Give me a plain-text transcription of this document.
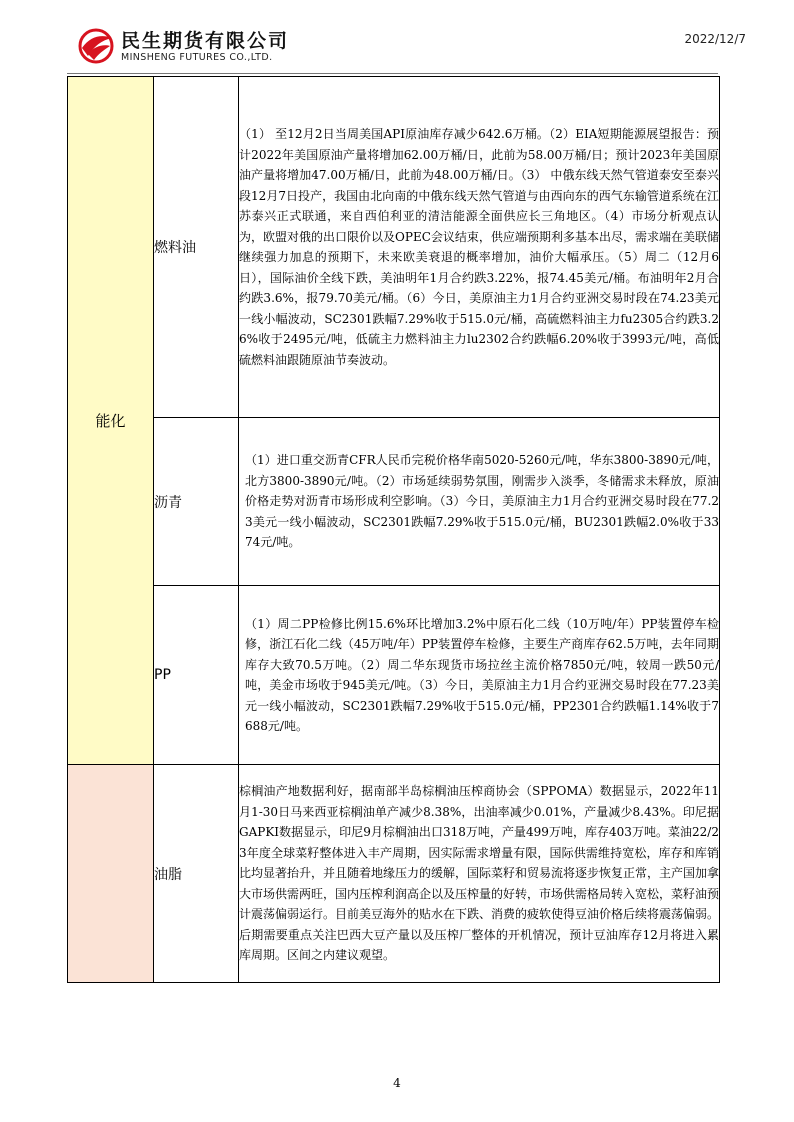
民生期货有限公司
MINSHENG FUTURES CO.,LTD.
2022/12/7
能化	燃料油	（1） 至12月2日当周美国API原油库存减少642.6万桶。（2）EIA短期能源展望报告：预计2022年美国原油产量将增加62.00万桶/日，此前为58.00万桶/日；预计2023年美国原油产量将增加47.00万桶/日，此前为48.00万桶/日。（3） 中俄东线天然气管道泰安至泰兴段12月7日投产，我国由北向南的中俄东线天然气管道与由西向东的西气东输管道系统在江苏泰兴正式联通，来自西伯利亚的清洁能源全面供应长三角地区。（4）市场分析观点认为，欧盟对俄的出口限价以及OPEC会议结束，供应端预期利多基本出尽，需求端在美联储继续强力加息的预期下，未来欧美衰退的概率增加，油价大幅承压。（5）周二（12月6日），国际油价全线下跌，美油明年1月合约跌3.22%，报74.45美元/桶。布油明年2月合约跌3.6%，报79.70美元/桶。（6）今日，美原油主力1月合约亚洲交易时段在74.23美元一线小幅波动，SC2301跌幅7.29%收于515.0元/桶，高硫燃料油主力fu2305合约跌3.26%收于2495元/吨，低硫主力燃料油主力lu2302合约跌幅6.20%收于3993元/吨，高低硫燃料油跟随原油节奏波动。
	沥青	（1）进口重交沥青CFR人民币完税价格华南5020-5260元/吨，华东3800-3890元/吨，北方3800-3890元/吨。（2）市场延续弱势氛围，刚需步入淡季，冬储需求未释放，原油价格走势对沥青市场形成利空影响。（3）今日，美原油主力1月合约亚洲交易时段在77.23美元一线小幅波动，SC2301跌幅7.29%收于515.0元/桶，BU2301跌幅2.0%收于3374元/吨。
	PP	（1）周二PP检修比例15.6%环比增加3.2%中原石化二线（10万吨/年）PP装置停车检修，浙江石化二线（45万吨/年）PP装置停车检修，主要生产商库存62.5万吨，去年同期库存大致70.5万吨。（2）周二华东现货市场拉丝主流价格7850元/吨，较周一跌50元/吨，美金市场收于945美元/吨。（3）今日，美原油主力1月合约亚洲交易时段在77.23美元一线小幅波动，SC2301跌幅7.29%收于515.0元/桶，PP2301合约跌幅1.14%收于7688元/吨。
	油脂	棕榈油产地数据利好，据南部半岛棕榈油压榨商协会（SPPOMA）数据显示，2022年11月1-30日马来西亚棕榈油单产减少8.38%，出油率减少0.01%，产量减少8.43%。印尼据GAPKI数据显示，印尼9月棕榈油出口318万吨，产量499万吨，库存403万吨。菜油22/23年度全球菜籽整体进入丰产周期，因实际需求增量有限，国际供需维持宽松，库存和库销比均显著抬升，并且随着地缘压力的缓解，国际菜籽和贸易流将逐步恢复正常，主产国加拿大市场供需两旺，国内压榨利润高企以及压榨量的好转，市场供需格局转入宽松，菜籽油预计震荡偏弱运行。目前美豆海外的贴水在下跌、消费的疲软使得豆油价格后续将震荡偏弱。后期需要重点关注巴西大豆产量以及压榨厂整体的开机情况，预计豆油库存12月将进入累库周期。区间之内建议观望。
4
